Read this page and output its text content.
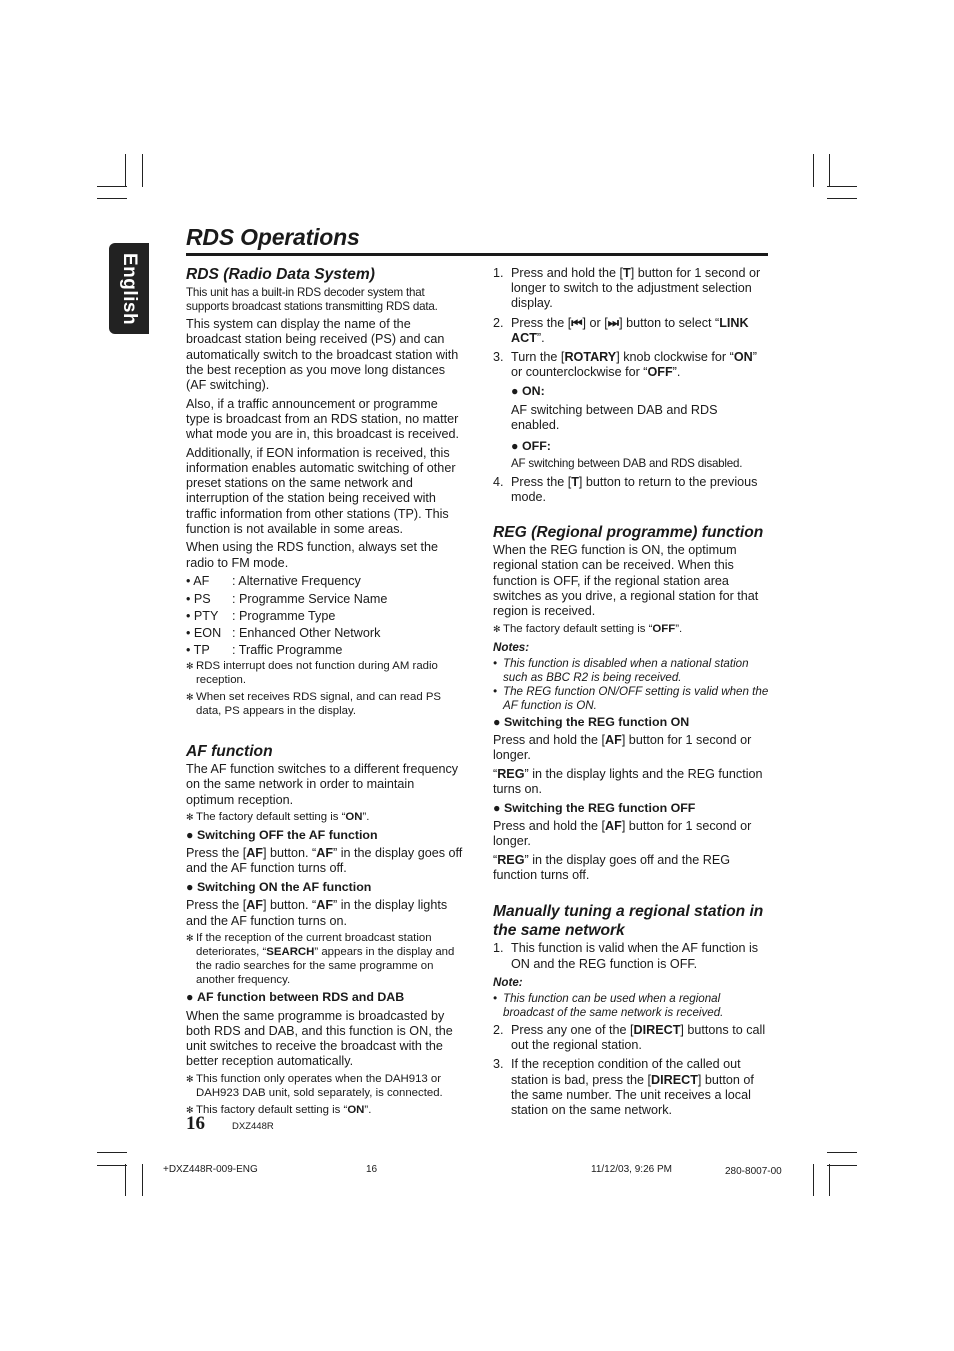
English
RDS Operations
RDS (Radio Data System)

This unit has a built-in RDS decoder system that supports broadcast stations transmitting RDS data.

This system can display the name of the broadcast station being received (PS) and can automatically switch to the broadcast station with the best reception as you move long distances (AF switching).

Also, if a traffic announcement or programme type is broadcast from an RDS station, no matter what mode you are in, this broadcast is received.

Additionally, if EON information is received, this information enables automatic switching of other preset stations on the same network and interruption of the station being received with traffic information from other stations (TP). This function is not available in some areas.

When using the RDS function, always set the radio to FM mode.

• AF	: Alternative Frequency
• PS	: Programme Service Name
• PTY	: Programme Type
• EON : Enhanced Other Network
• TP	: Traffic Programme
✻ RDS interrupt does not function during AM radio reception.
✻ When set receives RDS signal, and can read PS data, PS appears in the display.
AF function

The AF function switches to a different frequency on the same network in order to maintain optimum reception.

✻ The factory default setting is “ON”.
● Switching OFF the AF function

Press the [AF] button. “AF” in the display goes off and the AF function turns off.

● Switching ON the AF function

Press the [AF] button. “AF” in the display lights and the AF function turns on.

✻ If the reception of the current broadcast station deteriorates, “SEARCH” appears in the display and the radio searches for the same programme on another frequency.
● AF function between RDS and DAB

When the same programme is broadcasted by both RDS and DAB, and this function is ON, the unit switches to receive the broadcast with the better reception automatically.

✻ This function only operates when the DAH913 or DAH923 DAB unit, sold separately, is connected.
✻ This factory default setting is “ON”.
1. Press and hold the [T] button for 1 second or longer to switch to the adjustment selection display.
2. Press the [⏮] or [⏭] button to select “LINK ACT”.
3. Turn the [ROTARY] knob clockwise for “ON” or counterclockwise for “OFF”.
● ON:

AF switching between DAB and RDS enabled.

● OFF:

AF switching between DAB and RDS disabled.

4. Press the [T] button to return to the previous mode.
REG (Regional programme) function

When the REG function is ON, the optimum regional station can be received. When this function is OFF, if the regional station area switches as you drive, a regional station for that region is received.

✻ The factory default setting is “OFF”.
Notes:
• This function is disabled when a national station such as BBC R2 is being received.
• The REG function ON/OFF setting is valid when the AF function is ON.
● Switching the REG function ON

Press and hold the [AF] button for 1 second or longer.

“REG” in the display lights and the REG function turns on.

● Switching the REG function OFF

Press and hold the [AF] button for 1 second or longer.

“REG” in the display goes off and the REG function turns off.

Manually tuning a regional station in the same network
1. This function is valid when the AF function is ON and the REG function is OFF.
Note:
• This function can be used when a regional broadcast of the same network is received.
2. Press any one of the [DIRECT] buttons to call out the regional station.
3. If the reception condition of the called out station is bad, press the [DIRECT] button of the same number. The unit receives a local station on the same network.
16	DXZ448R
+DXZ448R-009-ENG	16	11/12/03, 9:26 PM	280-8007-00
